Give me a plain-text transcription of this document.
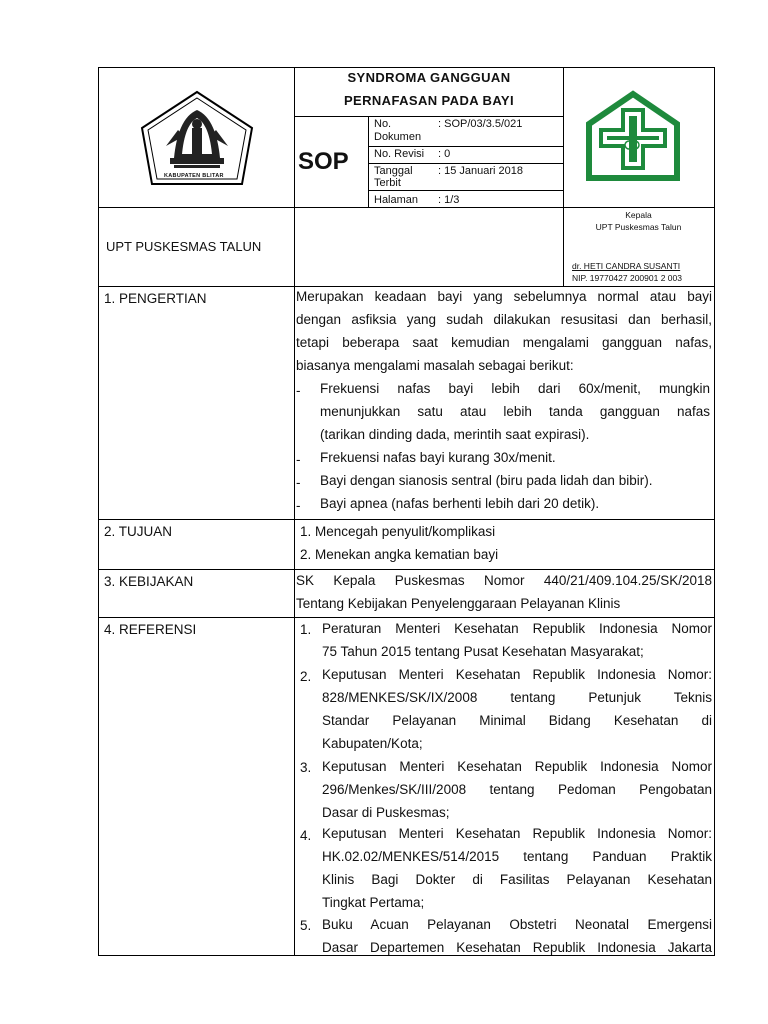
KABUPATEN BLITAR
SYNDROMA GANGGUAN
PERNAFASAN PADA BAYI
SOP
No.
Dokumen
: SOP/03/3.5/021
No. Revisi : 0
Tanggal
Terbit
: 15 Januari 2018
Halaman : 1/3
UPT PUSKESMAS TALUN
Kepala
UPT Puskesmas Talun
dr. HETI CANDRA SUSANTI
NIP. 19770427 200901 2 003
1. PENGERTIAN	Merupakan keadaan bayi yang sebelumnya normal atau bayi
dengan asfiksia yang sudah dilakukan resusitasi dan berhasil,
tetapi beberapa saat kemudian mengalami gangguan nafas,
biasanya mengalami masalah sebagai berikut:
- Frekuensi nafas bayi lebih dari 60x/menit, mungkin
menunjukkan satu atau lebih tanda gangguan nafas
(tarikan dinding dada, merintih saat expirasi).
- Frekuensi nafas bayi kurang 30x/menit.
- Bayi dengan sianosis sentral (biru pada lidah dan bibir).
- Bayi apnea (nafas berhenti lebih dari 20 detik).
2. TUJUAN	1. Mencegah penyulit/komplikasi
2. Menekan angka kematian bayi
3. KEBIJAKAN	SK Kepala Puskesmas Nomor 440/21/409.104.25/SK/2018
Tentang Kebijakan Penyelenggaraan Pelayanan Klinis
4. REFERENSI	1. Peraturan Menteri Kesehatan Republik Indonesia Nomor
75 Tahun 2015 tentang Pusat Kesehatan Masyarakat;
2. Keputusan Menteri Kesehatan Republik Indonesia Nomor:
828/MENKES/SK/IX/2008 tentang Petunjuk Teknis
Standar Pelayanan Minimal Bidang Kesehatan di
Kabupaten/Kota;
3. Keputusan Menteri Kesehatan Republik Indonesia Nomor
296/Menkes/SK/III/2008 tentang Pedoman Pengobatan
Dasar di Puskesmas;
4. Keputusan Menteri Kesehatan Republik Indonesia Nomor:
HK.02.02/MENKES/514/2015 tentang Panduan Praktik
Klinis Bagi Dokter di Fasilitas Pelayanan Kesehatan
Tingkat Pertama;
5. Buku Acuan Pelayanan Obstetri Neonatal Emergensi
Dasar Departemen Kesehatan Republik Indonesia Jakarta
